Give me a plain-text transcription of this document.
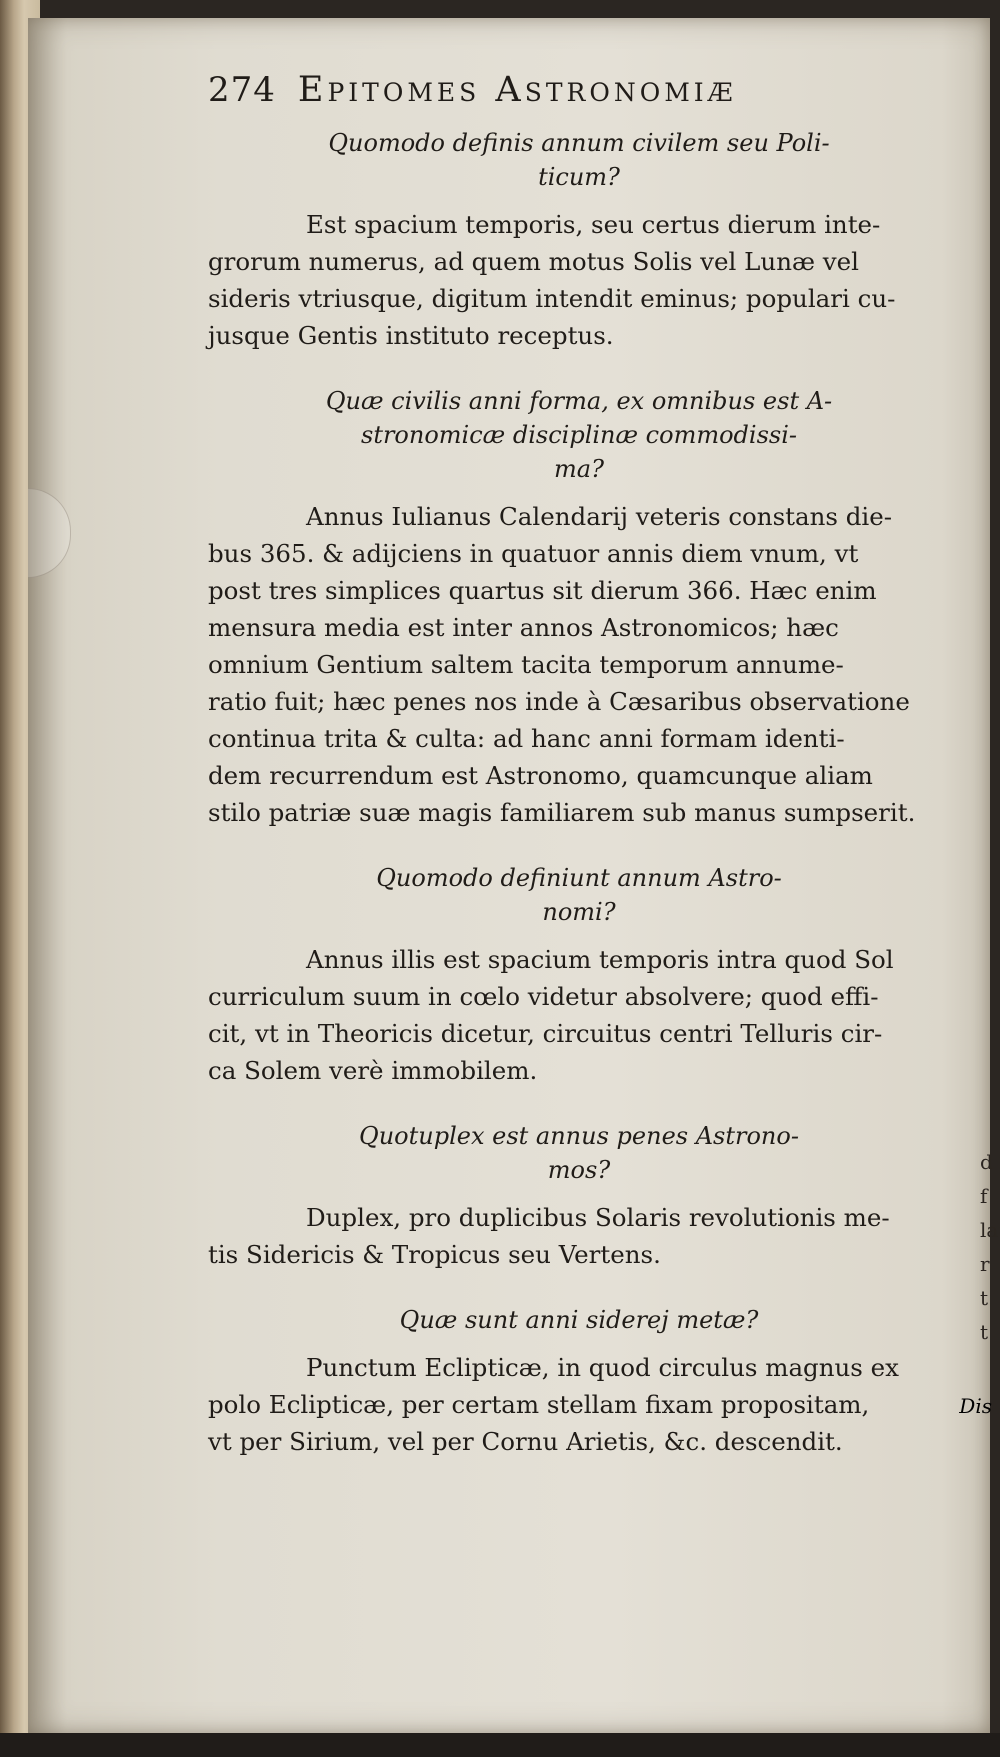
274 Epitomes Astronomiæ
Quomodo definis annum civilem seu Poli-
ticum?
Est spacium temporis, seu certus dierum inte-
grorum numerus, ad quem motus Solis vel Lunæ vel
sideris vtriusque, digitum intendit eminus; populari cu-
jusque Gentis instituto receptus.
Quæ civilis anni forma, ex omnibus est A-
stronomicæ disciplinæ commodissi-
ma?
Annus Iulianus Calendarij veteris constans die-
bus 365. & adijciens in quatuor annis diem vnum, vt
post tres simplices quartus sit dierum 366. Hæc enim
mensura media est inter annos Astronomicos; hæc
omnium Gentium saltem tacita temporum annume-
ratio fuit; hæc penes nos inde à Cæsaribus observatione
continua trita & culta: ad hanc anni formam identi-
dem recurrendum est Astronomo, quamcunque aliam
stilo patriæ suæ magis familiarem sub manus sumpserit.
Quomodo definiunt annum Astro-
nomi?
Annus illis est spacium temporis intra quod Sol
curriculum suum in cœlo videtur absolvere; quod effi-
cit, vt in Theoricis dicetur, circuitus centri Telluris cir-
ca Solem verè immobilem.
Quotuplex est annus penes Astrono-
mos?
Duplex, pro duplicibus Solaris revolutionis me-
tis Sidericis & Tropicus seu Vertens.
Quæ sunt anni siderej metæ?
Punctum Eclipticæ, in quod circulus magnus ex
polo Eclipticæ, per certam stellam fixam propositam,
vt per Sirium, vel per Cornu Arietis, &c. descendit.
Dis
d
f
la
r
t
t
